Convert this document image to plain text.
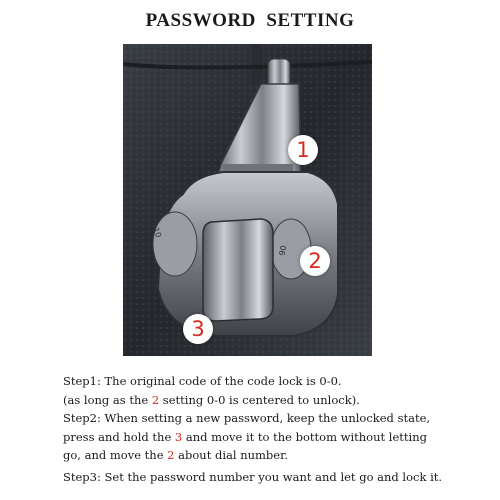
PASSWORD  SETTING
1
2
3
Step1: The original code of the code lock is 0-0.
(as long as the 2 setting 0-0 is centered to unlock).
Step2: When setting a new password, keep the unlocked state,
press and hold the 3 and move it to the bottom without letting
go, and move the 2 about dial number.
Step3: Set the password number you want and let go and lock it.
10
90
